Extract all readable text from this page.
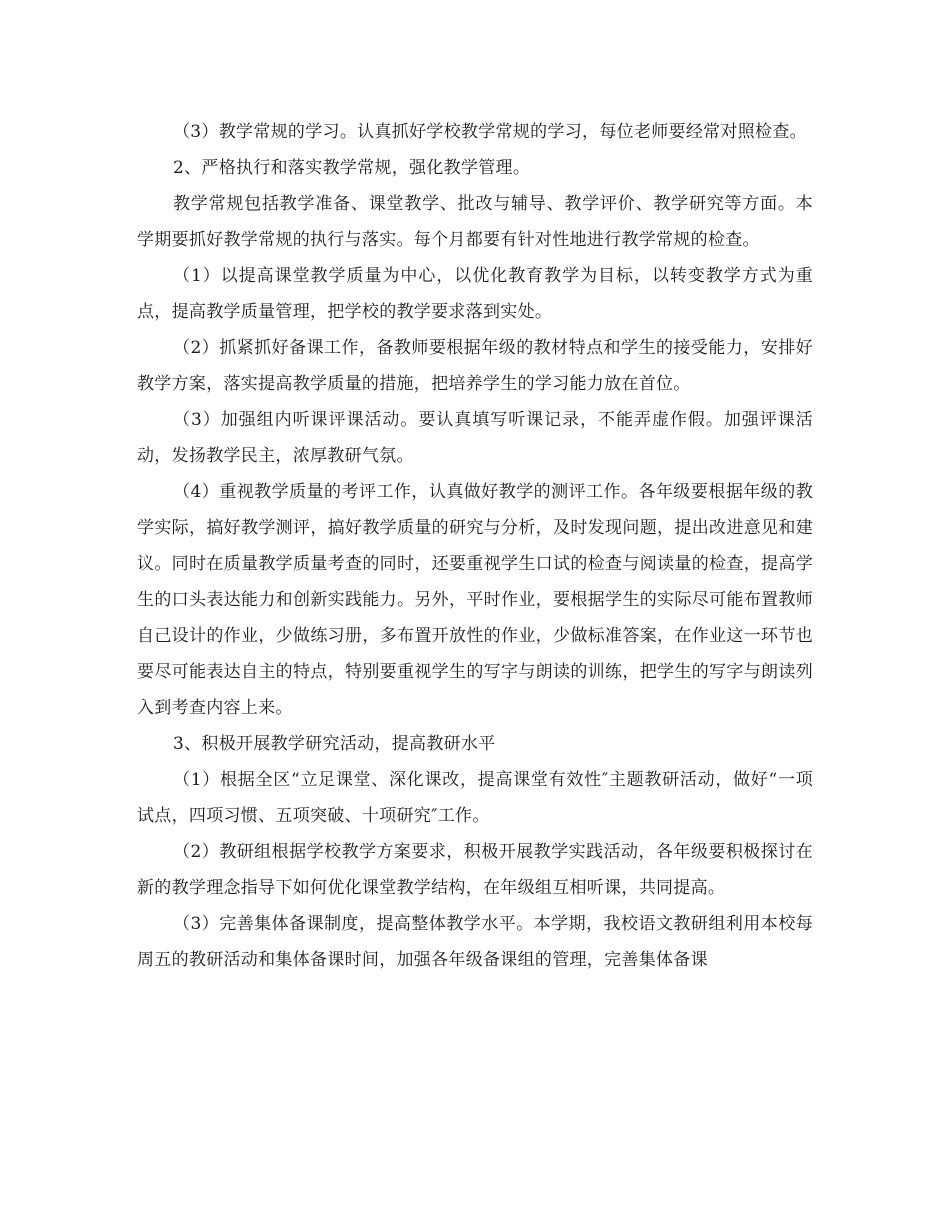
（3）教学常规的学习。认真抓好学校教学常规的学习，每位老师要经常对照检查。

2、严格执行和落实教学常规，强化教学管理。

教学常规包括教学准备、课堂教学、批改与辅导、教学评价、教学研究等方面。本学期要抓好教学常规的执行与落实。每个月都要有针对性地进行教学常规的检查。

（1）以提高课堂教学质量为中心，以优化教育教学为目标，以转变教学方式为重点，提高教学质量管理，把学校的教学要求落到实处。

（2）抓紧抓好备课工作，备教师要根据年级的教材特点和学生的接受能力，安排好教学方案，落实提高教学质量的措施，把培养学生的学习能力放在首位。

（3）加强组内听课评课活动。要认真填写听课记录，不能弄虚作假。加强评课活动，发扬教学民主，浓厚教研气氛。

（4）重视教学质量的考评工作，认真做好教学的测评工作。各年级要根据年级的教学实际，搞好教学测评，搞好教学质量的研究与分析，及时发现问题，提出改进意见和建议。同时在质量教学质量考查的同时，还要重视学生口试的检查与阅读量的检查，提高学生的口头表达能力和创新实践能力。另外，平时作业，要根据学生的实际尽可能布置教师自己设计的作业，少做练习册，多布置开放性的作业，少做标准答案，在作业这一环节也要尽可能表达自主的特点，特别要重视学生的写字与朗读的训练，把学生的写字与朗读列入到考查内容上来。

3、积极开展教学研究活动，提高教研水平

（1）根据全区“立足课堂、深化课改，提高课堂有效性″主题教研活动，做好“一项试点，四项习惯、五项突破、十项研究″工作。

（2）教研组根据学校教学方案要求，积极开展教学实践活动，各年级要积极探讨在新的教学理念指导下如何优化课堂教学结构，在年级组互相听课，共同提高。

（3）完善集体备课制度，提高整体教学水平。本学期，我校语文教研组利用本校每周五的教研活动和集体备课时间，加强各年级备课组的管理，完善集体备课
